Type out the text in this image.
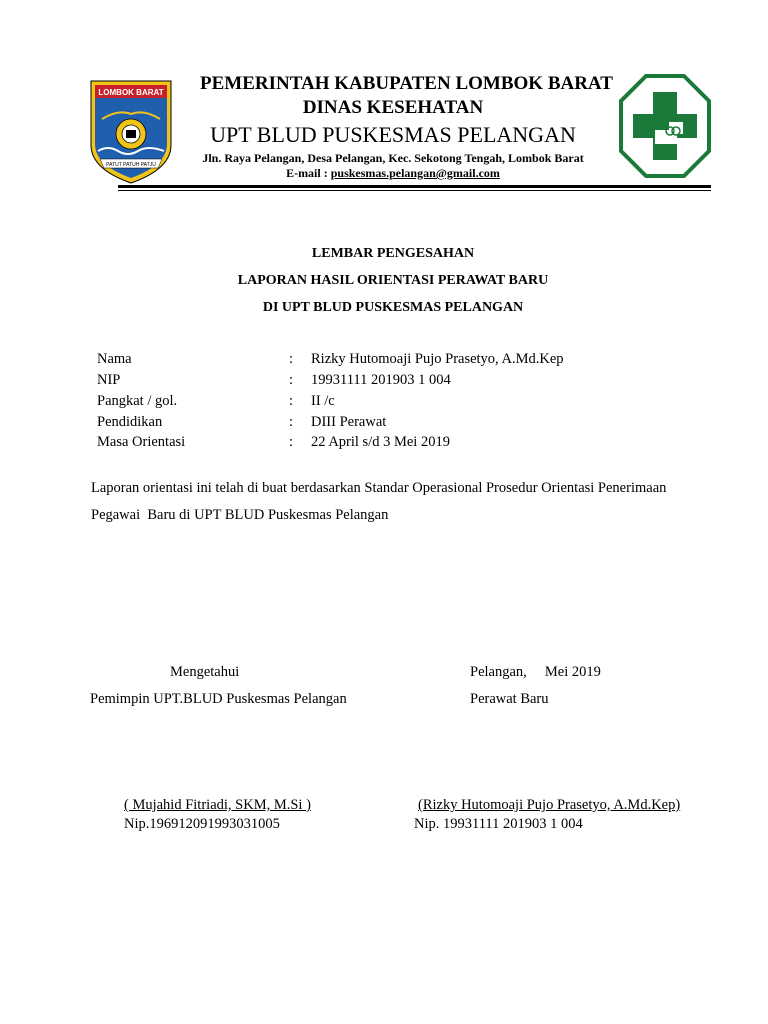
LOMBOK BARAT
PATUT PATUH PATJU
PEMERINTAH KABUPATEN LOMBOK BARAT
DINAS KESEHATAN
UPT BLUD PUSKESMAS PELANGAN
Jln. Raya Pelangan, Desa Pelangan, Kec. Sekotong Tengah, Lombok Barat
E-mail : puskesmas.pelangan@gmail.com
LEMBAR PENGESAHAN
LAPORAN HASIL ORIENTASI PERAWAT BARU
DI UPT BLUD PUSKESMAS PELANGAN
Nama	: Rizky Hutomoaji Pujo Prasetyo, A.Md.Kep
NIP	: 19931111 201903 1 004
Pangkat / gol.	: II /c
Pendidikan	: DIII Perawat
Masa Orientasi	: 22 April s/d 3 Mei 2019
Laporan orientasi ini telah di buat berdasarkan Standar Operasional Prosedur Orientasi Penerimaan
Pegawai  Baru di UPT BLUD Puskesmas Pelangan
Mengetahui	Pelangan,     Mei 2019
Pemimpin UPT.BLUD Puskesmas Pelangan	Perawat Baru
( Mujahid Fitriadi, SKM, M.Si )	(Rizky Hutomoaji Pujo Prasetyo, A.Md.Kep)
Nip.196912091993031005	Nip. 19931111 201903 1 004
